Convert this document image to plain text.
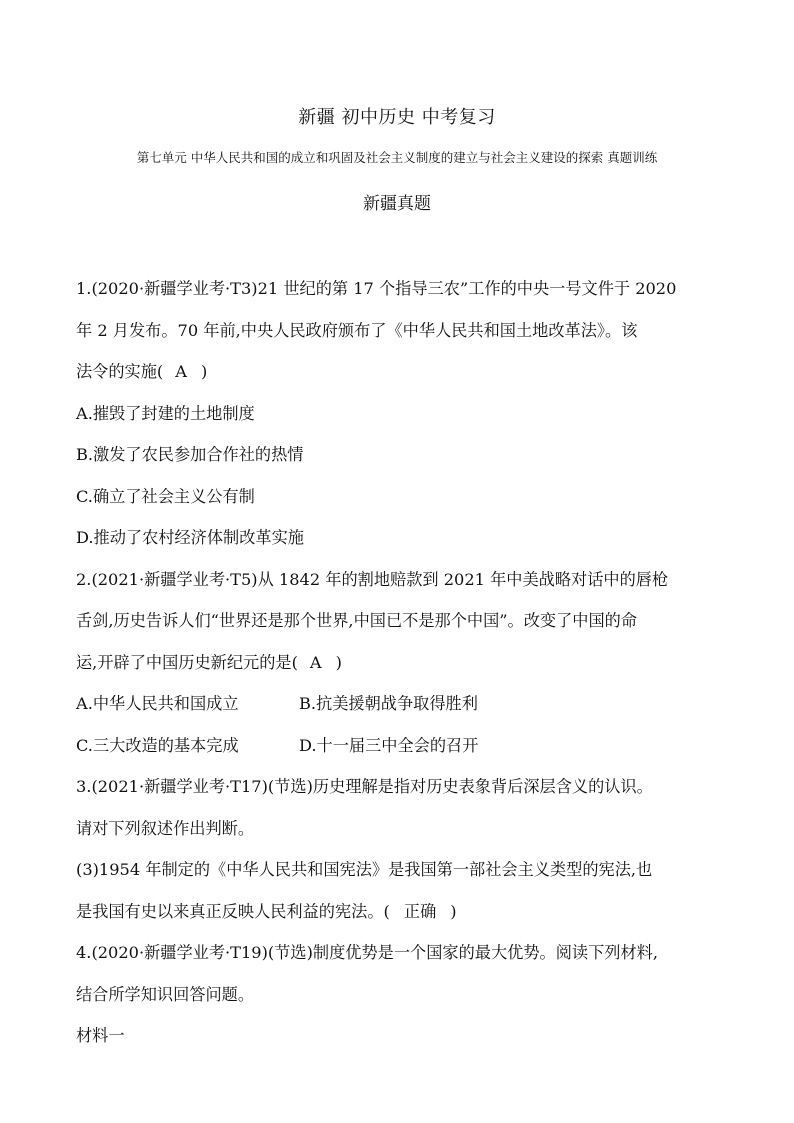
新疆 初中历史 中考复习
第七单元 中华人民共和国的成立和巩固及社会主义制度的建立与社会主义建设的探索 真题训练
新疆真题
1.(2020·新疆学业考·T3)21 世纪的第 17 个指导三农”工作的中央一号文件于 2020
年 2 月发布。70 年前,中央人民政府颁布了《中华人民共和国土地改革法》。该
法令的实施( A )
A.摧毁了封建的土地制度
B.激发了农民参加合作社的热情
C.确立了社会主义公有制
D.推动了农村经济体制改革实施
2.(2021·新疆学业考·T5)从 1842 年的割地赔款到 2021 年中美战略对话中的唇枪
舌剑,历史告诉人们“世界还是那个世界,中国已不是那个中国”。改变了中国的命
运,开辟了中国历史新纪元的是( A )
A.中华人民共和国成立	B.抗美援朝战争取得胜利
C.三大改造的基本完成	D.十一届三中全会的召开
3.(2021·新疆学业考·T17)(节选)历史理解是指对历史表象背后深层含义的认识。
请对下列叙述作出判断。
(3)1954 年制定的《中华人民共和国宪法》是我国第一部社会主义类型的宪法,也
是我国有史以来真正反映人民利益的宪法。( 正确 )
4.(2020·新疆学业考·T19)(节选)制度优势是一个国家的最大优势。阅读下列材料,
结合所学知识回答问题。
材料一
